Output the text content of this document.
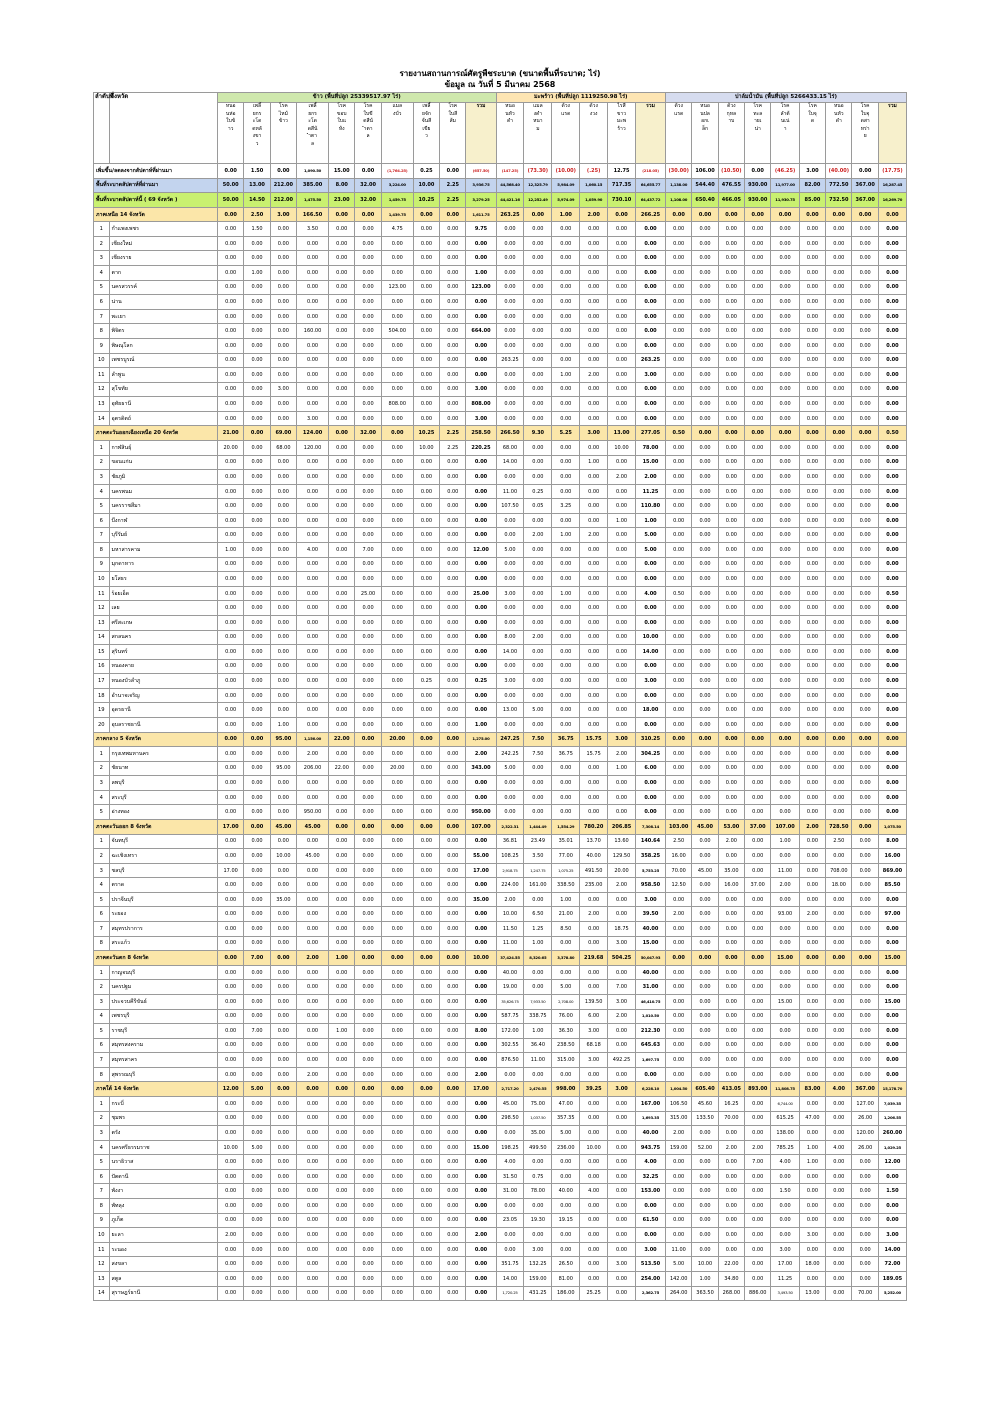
รายงานสถานการณ์ศัตรูพืชระบาด (ขนาดพื้นที่ระบาด; ไร่)
ข้อมูล ณ วันที่ 5 มีนาคม 2568
ลำดับที่	จังหวัด	ข้าว (พื้นที่ปลูก 25339517.97 ไร่)										มะพร้าว (พื้นที่ปลูก 1119250.98 ไร่)						ปาล์มน้ำมัน (พื้นที่ปลูก 5266433.15 ไร่)								

		หนอนห่อใบข้าว	เพลี้ยกระโดดหลังขาว	โรคไหม้ข้าว	เพลี้ยกระโดดสีน้ำตาล	โรคขอบใบแห้ง	โรคใบขีดสีน้ำตาล	แมลงบั่ว	เพลี้ยจักจั่นสีเขียว	โรคใบสีส้ม	รวม	หนอนหัวดำ	แมลงดำหนาม	ด้วงแรด	ด้วงงวง	ไรสีขาวมะพร้าว	รวม	ด้วงแรด	หนอนปลอกเล็ก	ด้วงกุหลาบ	โรคทะลายเน่า	โรคลำต้นเน่า	โรคใบจุด	หนอนหัวดำ	โรคใบจุดสาหร่าย	รวม

เพิ่มขึ้น/ลดลงจากสัปดาห์ที่ผ่านมา		0.00	1.50	0.00	1,090.50	15.00	0.00	(1,764.25)	0.25	0.00	(657.50)	(147.25)	(73.30)	(10.00)	(.25)	12.75	(218.05)	(30.00)	106.00	(10.50)	0.00	(46.25)	3.00	(40.00)	0.00	(17.75)
พื้นที่ระบาดสัปดาห์ที่ผ่านมา		50.00	13.00	212.00	385.00	8.00	32.00	3,224.00	10.00	2.25	3,936.75	44,568.40	12,325.79	5,984.09	1,060.15	717.35	64,655.77	1,138.00	544.40	476.55	930.00	11,977.00	82.00	772.50	367.00	16,287.45
พื้นที่ระบาดสัปดาห์นี้ ( 69 จังหวัด )		50.00	14.50	212.00	1,475.50	23.00	32.00	1,459.75	10.25	2.25	3,279.25	44,421.16	12,252.49	5,974.09	1,059.90	730.10	64,437.72	1,108.00	650.40	466.05	930.00	11,930.75	85.00	732.50	367.00	16,269.70
ภาคเหนือ 14 จังหวัด		0.00	2.50	3.00	166.50	0.00	0.00	1,439.75	0.00	0.00	1,611.75	263.25	0.00	1.00	2.00	0.00	266.25	0.00	0.00	0.00	0.00	0.00	0.00	0.00	0.00	0.00
1	กำแพงเพชร	0.00	1.50	0.00	3.50	0.00	0.00	4.75	0.00	0.00	9.75	0.00	0.00	0.00	0.00	0.00	0.00	0.00	0.00	0.00	0.00	0.00	0.00	0.00	0.00	0.00
2	เชียงใหม่	0.00	0.00	0.00	0.00	0.00	0.00	0.00	0.00	0.00	0.00	0.00	0.00	0.00	0.00	0.00	0.00	0.00	0.00	0.00	0.00	0.00	0.00	0.00	0.00	0.00
3	เชียงราย	0.00	0.00	0.00	0.00	0.00	0.00	0.00	0.00	0.00	0.00	0.00	0.00	0.00	0.00	0.00	0.00	0.00	0.00	0.00	0.00	0.00	0.00	0.00	0.00	0.00
4	ตาก	0.00	1.00	0.00	0.00	0.00	0.00	0.00	0.00	0.00	1.00	0.00	0.00	0.00	0.00	0.00	0.00	0.00	0.00	0.00	0.00	0.00	0.00	0.00	0.00	0.00
5	นครสวรรค์	0.00	0.00	0.00	0.00	0.00	0.00	123.00	0.00	0.00	123.00	0.00	0.00	0.00	0.00	0.00	0.00	0.00	0.00	0.00	0.00	0.00	0.00	0.00	0.00	0.00
6	น่าน	0.00	0.00	0.00	0.00	0.00	0.00	0.00	0.00	0.00	0.00	0.00	0.00	0.00	0.00	0.00	0.00	0.00	0.00	0.00	0.00	0.00	0.00	0.00	0.00	0.00
7	พะเยา	0.00	0.00	0.00	0.00	0.00	0.00	0.00	0.00	0.00	0.00	0.00	0.00	0.00	0.00	0.00	0.00	0.00	0.00	0.00	0.00	0.00	0.00	0.00	0.00	0.00
8	พิจิตร	0.00	0.00	0.00	160.00	0.00	0.00	504.00	0.00	0.00	664.00	0.00	0.00	0.00	0.00	0.00	0.00	0.00	0.00	0.00	0.00	0.00	0.00	0.00	0.00	0.00
9	พิษณุโลก	0.00	0.00	0.00	0.00	0.00	0.00	0.00	0.00	0.00	0.00	0.00	0.00	0.00	0.00	0.00	0.00	0.00	0.00	0.00	0.00	0.00	0.00	0.00	0.00	0.00
10	เพชรบูรณ์	0.00	0.00	0.00	0.00	0.00	0.00	0.00	0.00	0.00	0.00	263.25	0.00	0.00	0.00	0.00	263.25	0.00	0.00	0.00	0.00	0.00	0.00	0.00	0.00	0.00
11	ลำพูน	0.00	0.00	0.00	0.00	0.00	0.00	0.00	0.00	0.00	0.00	0.00	0.00	1.00	2.00	0.00	3.00	0.00	0.00	0.00	0.00	0.00	0.00	0.00	0.00	0.00
12	สุโขทัย	0.00	0.00	3.00	0.00	0.00	0.00	0.00	0.00	0.00	3.00	0.00	0.00	0.00	0.00	0.00	0.00	0.00	0.00	0.00	0.00	0.00	0.00	0.00	0.00	0.00
13	อุทัยธานี	0.00	0.00	0.00	0.00	0.00	0.00	808.00	0.00	0.00	808.00	0.00	0.00	0.00	0.00	0.00	0.00	0.00	0.00	0.00	0.00	0.00	0.00	0.00	0.00	0.00
14	อุตรดิตถ์	0.00	0.00	0.00	3.00	0.00	0.00	0.00	0.00	0.00	3.00	0.00	0.00	0.00	0.00	0.00	0.00	0.00	0.00	0.00	0.00	0.00	0.00	0.00	0.00	0.00
ภาคตะวันออกเฉียงเหนือ 20 จังหวัด		21.00	0.00	69.00	124.00	0.00	32.00	0.00	10.25	2.25	258.50	266.50	9.30	5.25	3.00	13.00	277.05	0.50	0.00	0.00	0.00	0.00	0.00	0.00	0.00	0.50
1	กาฬสินธุ์	20.00	0.00	68.00	120.00	0.00	0.00	0.00	10.00	2.25	220.25	68.00	0.00	0.00	0.00	10.00	78.00	0.00	0.00	0.00	0.00	0.00	0.00	0.00	0.00	0.00
2	ขอนแก่น	0.00	0.00	0.00	0.00	0.00	0.00	0.00	0.00	0.00	0.00	14.00	0.00	0.00	1.00	0.00	15.00	0.00	0.00	0.00	0.00	0.00	0.00	0.00	0.00	0.00
3	ชัยภูมิ	0.00	0.00	0.00	0.00	0.00	0.00	0.00	0.00	0.00	0.00	0.00	0.00	0.00	0.00	2.00	2.00	0.00	0.00	0.00	0.00	0.00	0.00	0.00	0.00	0.00
4	นครพนม	0.00	0.00	0.00	0.00	0.00	0.00	0.00	0.00	0.00	0.00	11.00	0.25	0.00	0.00	0.00	11.25	0.00	0.00	0.00	0.00	0.00	0.00	0.00	0.00	0.00
5	นครราชสีมา	0.00	0.00	0.00	0.00	0.00	0.00	0.00	0.00	0.00	0.00	107.50	0.05	3.25	0.00	0.00	110.80	0.00	0.00	0.00	0.00	0.00	0.00	0.00	0.00	0.00
6	บึงกาฬ	0.00	0.00	0.00	0.00	0.00	0.00	0.00	0.00	0.00	0.00	0.00	0.00	0.00	0.00	1.00	1.00	0.00	0.00	0.00	0.00	0.00	0.00	0.00	0.00	0.00
7	บุรีรัมย์	0.00	0.00	0.00	0.00	0.00	0.00	0.00	0.00	0.00	0.00	0.00	2.00	1.00	2.00	0.00	5.00	0.00	0.00	0.00	0.00	0.00	0.00	0.00	0.00	0.00
8	มหาสารคาม	1.00	0.00	0.00	4.00	0.00	7.00	0.00	0.00	0.00	12.00	5.00	0.00	0.00	0.00	0.00	5.00	0.00	0.00	0.00	0.00	0.00	0.00	0.00	0.00	0.00
9	มุกดาหาร	0.00	0.00	0.00	0.00	0.00	0.00	0.00	0.00	0.00	0.00	0.00	0.00	0.00	0.00	0.00	0.00	0.00	0.00	0.00	0.00	0.00	0.00	0.00	0.00	0.00
10	ยโสธร	0.00	0.00	0.00	0.00	0.00	0.00	0.00	0.00	0.00	0.00	0.00	0.00	0.00	0.00	0.00	0.00	0.00	0.00	0.00	0.00	0.00	0.00	0.00	0.00	0.00
11	ร้อยเอ็ด	0.00	0.00	0.00	0.00	0.00	25.00	0.00	0.00	0.00	25.00	3.00	0.00	1.00	0.00	0.00	4.00	0.50	0.00	0.00	0.00	0.00	0.00	0.00	0.00	0.50
12	เลย	0.00	0.00	0.00	0.00	0.00	0.00	0.00	0.00	0.00	0.00	0.00	0.00	0.00	0.00	0.00	0.00	0.00	0.00	0.00	0.00	0.00	0.00	0.00	0.00	0.00
13	ศรีสะเกษ	0.00	0.00	0.00	0.00	0.00	0.00	0.00	0.00	0.00	0.00	0.00	0.00	0.00	0.00	0.00	0.00	0.00	0.00	0.00	0.00	0.00	0.00	0.00	0.00	0.00
14	สกลนคร	0.00	0.00	0.00	0.00	0.00	0.00	0.00	0.00	0.00	0.00	8.00	2.00	0.00	0.00	0.00	10.00	0.00	0.00	0.00	0.00	0.00	0.00	0.00	0.00	0.00
15	สุรินทร์	0.00	0.00	0.00	0.00	0.00	0.00	0.00	0.00	0.00	0.00	14.00	0.00	0.00	0.00	0.00	14.00	0.00	0.00	0.00	0.00	0.00	0.00	0.00	0.00	0.00
16	หนองคาย	0.00	0.00	0.00	0.00	0.00	0.00	0.00	0.00	0.00	0.00	0.00	0.00	0.00	0.00	0.00	0.00	0.00	0.00	0.00	0.00	0.00	0.00	0.00	0.00	0.00
17	หนองบัวลำภู	0.00	0.00	0.00	0.00	0.00	0.00	0.00	0.25	0.00	0.25	3.00	0.00	0.00	0.00	0.00	3.00	0.00	0.00	0.00	0.00	0.00	0.00	0.00	0.00	0.00
18	อำนาจเจริญ	0.00	0.00	0.00	0.00	0.00	0.00	0.00	0.00	0.00	0.00	0.00	0.00	0.00	0.00	0.00	0.00	0.00	0.00	0.00	0.00	0.00	0.00	0.00	0.00	0.00
19	อุดรธานี	0.00	0.00	0.00	0.00	0.00	0.00	0.00	0.00	0.00	0.00	13.00	5.00	0.00	0.00	0.00	18.00	0.00	0.00	0.00	0.00	0.00	0.00	0.00	0.00	0.00
20	อุบลราชธานี	0.00	0.00	1.00	0.00	0.00	0.00	0.00	0.00	0.00	1.00	0.00	0.00	0.00	0.00	0.00	0.00	0.00	0.00	0.00	0.00	0.00	0.00	0.00	0.00	0.00
ภาคกลาง 5 จังหวัด		0.00	0.00	95.00	1,156.00	22.00	0.00	20.00	0.00	0.00	1,275.00	247.25	7.50	36.75	15.75	3.00	310.25	0.00	0.00	0.00	0.00	0.00	0.00	0.00	0.00	0.00
1	กรุงเทพมหานคร	0.00	0.00	0.00	2.00	0.00	0.00	0.00	0.00	0.00	2.00	242.25	7.50	36.75	15.75	2.00	304.25	0.00	0.00	0.00	0.00	0.00	0.00	0.00	0.00	0.00
2	ชัยนาท	0.00	0.00	95.00	206.00	22.00	0.00	20.00	0.00	0.00	343.00	5.00	0.00	0.00	0.00	1.00	6.00	0.00	0.00	0.00	0.00	0.00	0.00	0.00	0.00	0.00
3	ลพบุรี	0.00	0.00	0.00	0.00	0.00	0.00	0.00	0.00	0.00	0.00	0.00	0.00	0.00	0.00	0.00	0.00	0.00	0.00	0.00	0.00	0.00	0.00	0.00	0.00	0.00
4	สระบุรี	0.00	0.00	0.00	0.00	0.00	0.00	0.00	0.00	0.00	0.00	0.00	0.00	0.00	0.00	0.00	0.00	0.00	0.00	0.00	0.00	0.00	0.00	0.00	0.00	0.00
5	อ่างทอง	0.00	0.00	0.00	950.00	0.00	0.00	0.00	0.00	0.00	950.00	0.00	0.00	0.00	0.00	0.00	0.00	0.00	0.00	0.00	0.00	0.00	0.00	0.00	0.00	0.00
ภาคตะวันออก 8 จังหวัด		17.00	0.00	45.00	45.00	0.00	0.00	0.00	0.00	0.00	107.00	2,322.31	1,444.49	1,554.29	780.20	206.85	7,308.14	103.00	45.00	53.00	37.00	107.00	2.00	728.50	0.00	1,075.50
1	จันทบุรี	0.00	0.00	0.00	0.00	0.00	0.00	0.00	0.00	0.00	0.00	36.81	23.49	35.01	13.70	13.60	140.64	2.50	0.00	2.00	0.00	1.00	0.00	2.50	0.00	8.00
2	ฉะเชิงเทรา	0.00	0.00	10.00	45.00	0.00	0.00	0.00	0.00	0.00	55.00	108.25	3.50	77.00	40.00	129.50	358.25	16.00	0.00	0.00	0.00	0.00	0.00	0.00	0.00	16.00
3	ชลบุรี	17.00	0.00	0.00	0.00	0.00	0.00	0.00	0.00	0.00	17.00	2,918.75	1,247.75	1,075.25	491.50	20.00	5,753.25	70.00	45.00	35.00	0.00	11.00	0.00	708.00	0.00	869.00
4	ตราด	0.00	0.00	0.00	0.00	0.00	0.00	0.00	0.00	0.00	0.00	224.00	161.00	338.50	235.00	2.00	958.50	12.50	0.00	16.00	37.00	2.00	0.00	18.00	0.00	85.50
5	ปราจีนบุรี	0.00	0.00	35.00	0.00	0.00	0.00	0.00	0.00	0.00	35.00	2.00	0.00	1.00	0.00	0.00	3.00	0.00	0.00	0.00	0.00	0.00	0.00	0.00	0.00	0.00
6	ระยอง	0.00	0.00	0.00	0.00	0.00	0.00	0.00	0.00	0.00	0.00	10.00	6.50	21.00	2.00	0.00	39.50	2.00	0.00	0.00	0.00	93.00	2.00	0.00	0.00	97.00
7	สมุทรปราการ	0.00	0.00	0.00	0.00	0.00	0.00	0.00	0.00	0.00	0.00	11.50	1.25	8.50	0.00	18.75	40.00	0.00	0.00	0.00	0.00	0.00	0.00	0.00	0.00	0.00
8	สระแก้ว	0.00	0.00	0.00	0.00	0.00	0.00	0.00	0.00	0.00	0.00	11.00	1.00	0.00	0.00	3.00	15.00	0.00	0.00	0.00	0.00	0.00	0.00	0.00	0.00	0.00
ภาคตะวันตก 8 จังหวัด		0.00	7.00	0.00	2.00	1.00	0.00	0.00	0.00	0.00	10.00	37,424.55	8,320.65	3,378.80	219.68	504.25	50,047.93	0.00	0.00	0.00	0.00	15.00	0.00	0.00	0.00	15.00
1	กาญจนบุรี	0.00	0.00	0.00	0.00	0.00	0.00	0.00	0.00	0.00	0.00	40.00	0.00	0.00	0.00	0.00	40.00	0.00	0.00	0.00	0.00	0.00	0.00	0.00	0.00	0.00
2	นครปฐม	0.00	0.00	0.00	0.00	0.00	0.00	0.00	0.00	0.00	0.00	19.00	0.00	5.00	0.00	7.00	31.00	0.00	0.00	0.00	0.00	0.00	0.00	0.00	0.00	0.00
3	ประจวบคีรีขันธ์	0.00	0.00	0.00	0.00	0.00	0.00	0.00	0.00	0.00	0.00	35,626.75	7,933.50	2,708.00	139.50	3.00	46,410.75	0.00	0.00	0.00	0.00	15.00	0.00	0.00	0.00	15.00
4	เพชรบุรี	0.00	0.00	0.00	0.00	0.00	0.00	0.00	0.00	0.00	0.00	587.75	338.75	76.00	6.00	2.00	1,010.50	0.00	0.00	0.00	0.00	0.00	0.00	0.00	0.00	0.00
5	ราชบุรี	0.00	7.00	0.00	0.00	1.00	0.00	0.00	0.00	0.00	8.00	172.00	1.00	36.30	3.00	0.00	212.30	0.00	0.00	0.00	0.00	0.00	0.00	0.00	0.00	0.00
6	สมุทรสงคราม	0.00	0.00	0.00	0.00	0.00	0.00	0.00	0.00	0.00	0.00	302.55	36.40	238.50	68.18	0.00	645.63	0.00	0.00	0.00	0.00	0.00	0.00	0.00	0.00	0.00
7	สมุทรสาคร	0.00	0.00	0.00	0.00	0.00	0.00	0.00	0.00	0.00	0.00	876.50	11.00	315.00	3.00	492.25	1,697.75	0.00	0.00	0.00	0.00	0.00	0.00	0.00	0.00	0.00
8	สุพรรณบุรี	0.00	0.00	0.00	2.00	0.00	0.00	0.00	0.00	0.00	2.00	0.00	0.00	0.00	0.00	0.00	0.00	0.00	0.00	0.00	0.00	0.00	0.00	0.00	0.00	0.00
ภาคใต้ 14 จังหวัด		12.00	5.00	0.00	0.00	0.00	0.00	0.00	0.00	0.00	17.00	2,717.20	2,470.55	998.00	39.25	3.00	6,228.10	1,004.50	605.40	413.05	893.00	11,808.75	83.00	4.00	367.00	15,178.70
1	กระบี่	0.00	0.00	0.00	0.00	0.00	0.00	0.00	0.00	0.00	0.00	45.00	75.00	47.00	0.00	0.00	167.00	106.50	45.60	16.25	0.00	6,744.00	0.00	0.00	127.00	7,039.35
2	ชุมพร	0.00	0.00	0.00	0.00	0.00	0.00	0.00	0.00	0.00	0.00	298.50	1,037.50	357.35	0.00	0.00	1,693.35	315.00	133.50	70.00	0.00	615.25	47.00	0.00	26.00	1,206.55
3	ตรัง	0.00	0.00	0.00	0.00	0.00	0.00	0.00	0.00	0.00	0.00	0.00	35.00	5.00	0.00	0.00	40.00	2.00	0.00	0.00	0.00	138.00	0.00	0.00	120.00	260.00
4	นครศรีธรรมราช	10.00	5.00	0.00	0.00	0.00	0.00	0.00	0.00	0.00	15.00	198.25	499.50	236.00	10.00	0.00	943.75	159.00	52.00	2.00	2.00	785.25	1.00	4.00	26.00	1,029.25
5	นราธิวาส	0.00	0.00	0.00	0.00	0.00	0.00	0.00	0.00	0.00	0.00	4.00	0.00	0.00	0.00	0.00	4.00	0.00	0.00	0.00	7.00	4.00	1.00	0.00	0.00	12.00
6	ปัตตานี	0.00	0.00	0.00	0.00	0.00	0.00	0.00	0.00	0.00	0.00	31.50	0.75	0.00	0.00	0.00	32.25	0.00	0.00	0.00	0.00	0.00	0.00	0.00	0.00	0.00
7	พังงา	0.00	0.00	0.00	0.00	0.00	0.00	0.00	0.00	0.00	0.00	31.00	78.00	40.00	4.00	0.00	153.00	0.00	0.00	0.00	0.00	1.50	0.00	0.00	0.00	1.50
8	พัทลุง	0.00	0.00	0.00	0.00	0.00	0.00	0.00	0.00	0.00	0.00	0.00	0.00	0.00	0.00	0.00	0.00	0.00	0.00	0.00	0.00	0.00	0.00	0.00	0.00	0.00
9	ภูเก็ต	0.00	0.00	0.00	0.00	0.00	0.00	0.00	0.00	0.00	0.00	23.05	19.30	19.15	0.00	0.00	61.50	0.00	0.00	0.00	0.00	0.00	0.00	0.00	0.00	0.00
10	ยะลา	2.00	0.00	0.00	0.00	0.00	0.00	0.00	0.00	0.00	2.00	0.00	0.00	0.00	0.00	0.00	0.00	0.00	0.00	0.00	0.00	0.00	3.00	0.00	0.00	3.00
11	ระนอง	0.00	0.00	0.00	0.00	0.00	0.00	0.00	0.00	0.00	0.00	0.00	3.00	0.00	0.00	0.00	3.00	11.00	0.00	0.00	0.00	3.00	0.00	0.00	0.00	14.00
12	สงขลา	0.00	0.00	0.00	0.00	0.00	0.00	0.00	0.00	0.00	0.00	351.75	132.25	26.50	0.00	3.00	513.50	5.00	10.00	22.00	0.00	17.00	18.00	0.00	0.00	72.00
13	สตูล	0.00	0.00	0.00	0.00	0.00	0.00	0.00	0.00	0.00	0.00	14.00	159.00	81.00	0.00	0.00	254.00	142.00	1.00	34.80	0.00	11.25	0.00	0.00	0.00	189.05
14	สุราษฎร์ธานี	0.00	0.00	0.00	0.00	0.00	0.00	0.00	0.00	0.00	0.00	1,720.25	431.25	186.00	25.25	0.00	2,362.75	264.00	363.50	268.00	886.00	3,493.50	13.00	0.00	70.00	5,252.00
